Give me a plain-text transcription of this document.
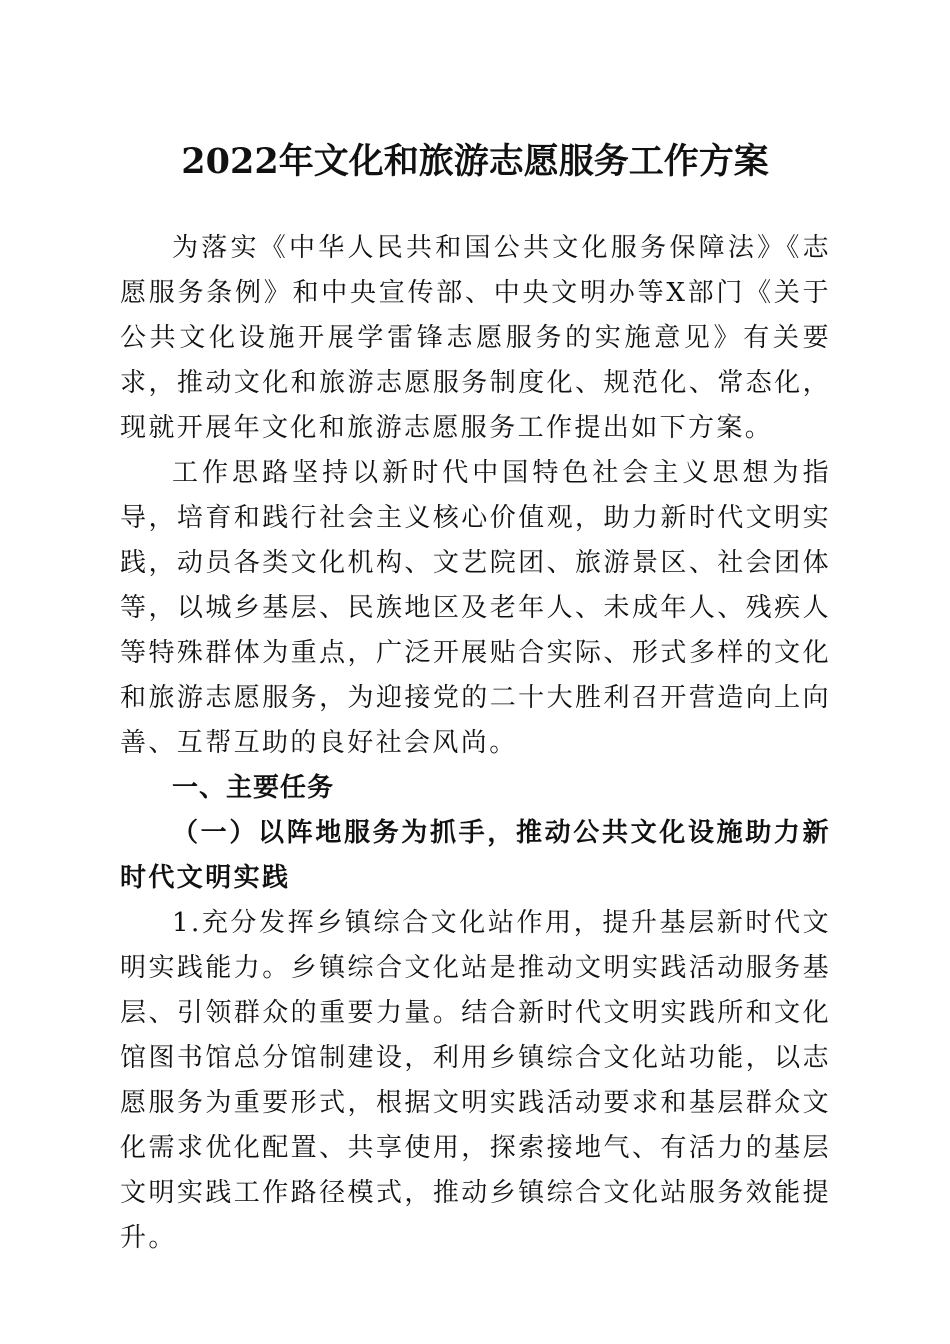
2022年文化和旅游志愿服务工作方案

为落实《中华人民共和国公共文化服务保障法》《志愿服务条例》和中央宣传部、中央文明办等X部门《关于公共文化设施开展学雷锋志愿服务的实施意见》有关要求，推动文化和旅游志愿服务制度化、规范化、常态化，现就开展年文化和旅游志愿服务工作提出如下方案。

工作思路坚持以新时代中国特色社会主义思想为指导，培育和践行社会主义核心价值观，助力新时代文明实践，动员各类文化机构、文艺院团、旅游景区、社会团体等，以城乡基层、民族地区及老年人、未成年人、残疾人等特殊群体为重点，广泛开展贴合实际、形式多样的文化和旅游志愿服务，为迎接党的二十大胜利召开营造向上向善、互帮互助的良好社会风尚。

一、主要任务

（一）以阵地服务为抓手，推动公共文化设施助力新时代文明实践

1.充分发挥乡镇综合文化站作用，提升基层新时代文明实践能力。乡镇综合文化站是推动文明实践活动服务基层、引领群众的重要力量。结合新时代文明实践所和文化馆图书馆总分馆制建设，利用乡镇综合文化站功能，以志愿服务为重要形式，根据文明实践活动要求和基层群众文化需求优化配置、共享使用，探索接地气、有活力的基层文明实践工作路径模式，推动乡镇综合文化站服务效能提升。
